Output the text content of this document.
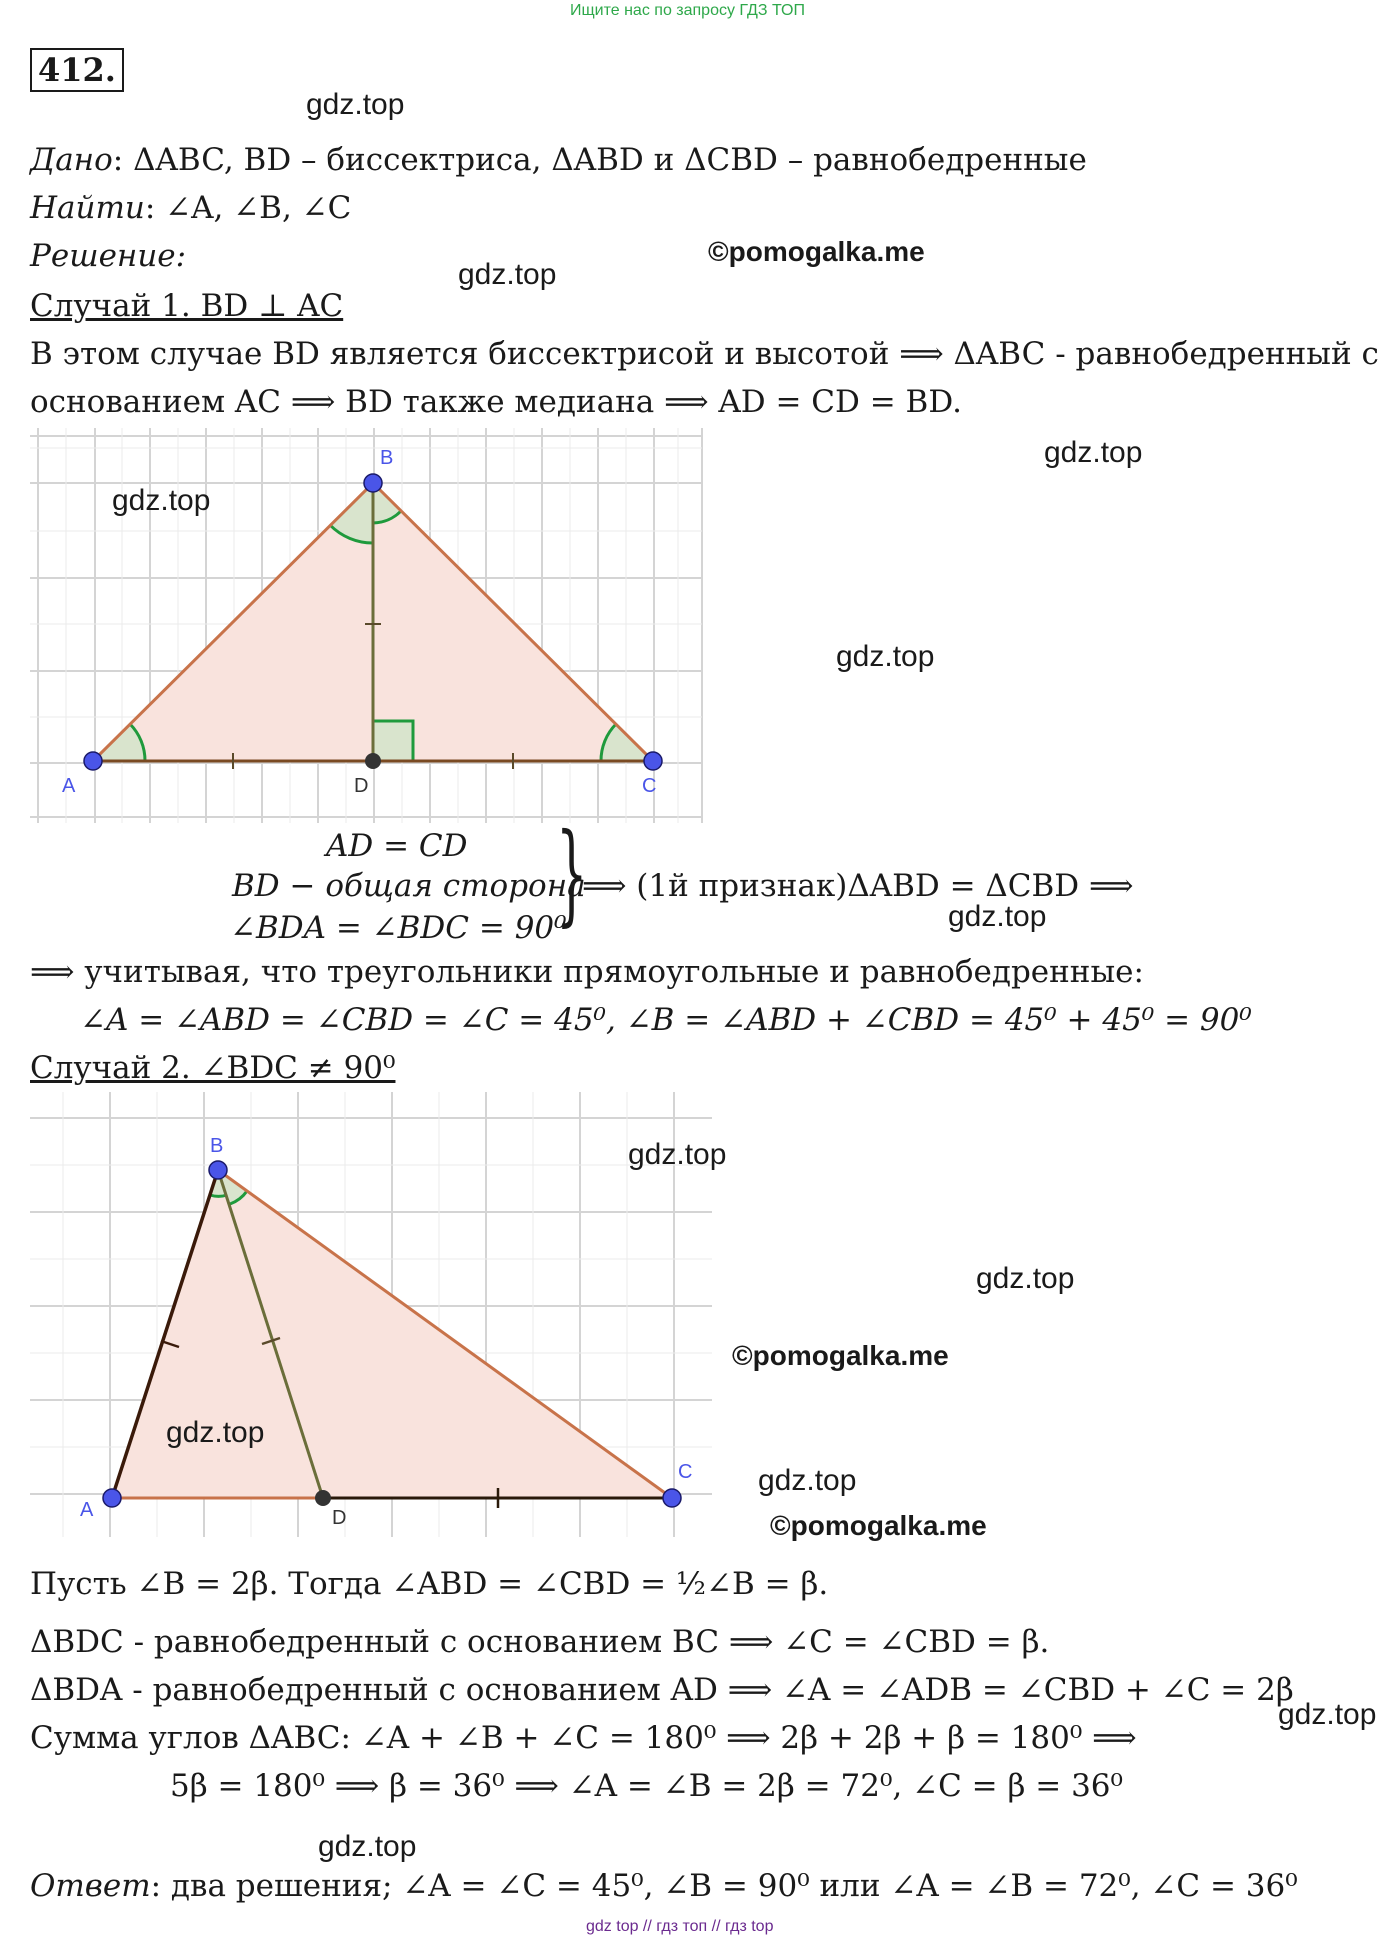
Ищите нас по запросу ГДЗ ТОП
412.
gdz.top
gdz.top
©pomogalka.me
gdz.top
gdz.top
Дано: ΔABC, BD – биссектриса, ΔABD и ΔCBD – равнобедренные
Найти: ∠A, ∠B, ∠C
Решение:
Случай 1. BD ⊥ AC
В этом случае BD является биссектрисой и высотой ⟹ ΔABC - равнобедренный с
основанием AC ⟹ BD также медиана ⟹ AD = CD = BD.
A
B
C
D
gdz.top
AD = CD
BD − общая сторона
∠BDA = ∠BDC = 90⁰
}
⟹ (1й признак)ΔABD = ΔCBD ⟹
gdz.top
⟹ учитывая, что треугольники прямоугольные и равнобедренные:
∠A = ∠ABD = ∠CBD = ∠C = 45⁰, ∠B = ∠ABD + ∠CBD = 45⁰ + 45⁰ = 90⁰
Случай 2. ∠BDC ≠ 90⁰
A
B
C
D
gdz.top
gdz.top
©pomogalka.me
gdz.top
gdz.top
©pomogalka.me
Пусть ∠B = 2β. Тогда ∠ABD = ∠CBD = ½∠B = β.
ΔBDC - равнобедренный с основанием BC ⟹ ∠C = ∠CBD = β.
ΔBDA - равнобедренный с основанием AD ⟹ ∠A = ∠ADB = ∠CBD + ∠C = 2β
gdz.top
Сумма углов ΔABC: ∠A + ∠B + ∠C = 180⁰ ⟹ 2β + 2β + β = 180⁰ ⟹
5β = 180⁰ ⟹ β = 36⁰ ⟹ ∠A = ∠B = 2β = 72⁰, ∠C = β = 36⁰
gdz.top
Ответ: два решения; ∠A = ∠C = 45⁰, ∠B = 90⁰ или ∠A = ∠B = 72⁰, ∠C = 36⁰
gdz top // гдз топ // гдз top
